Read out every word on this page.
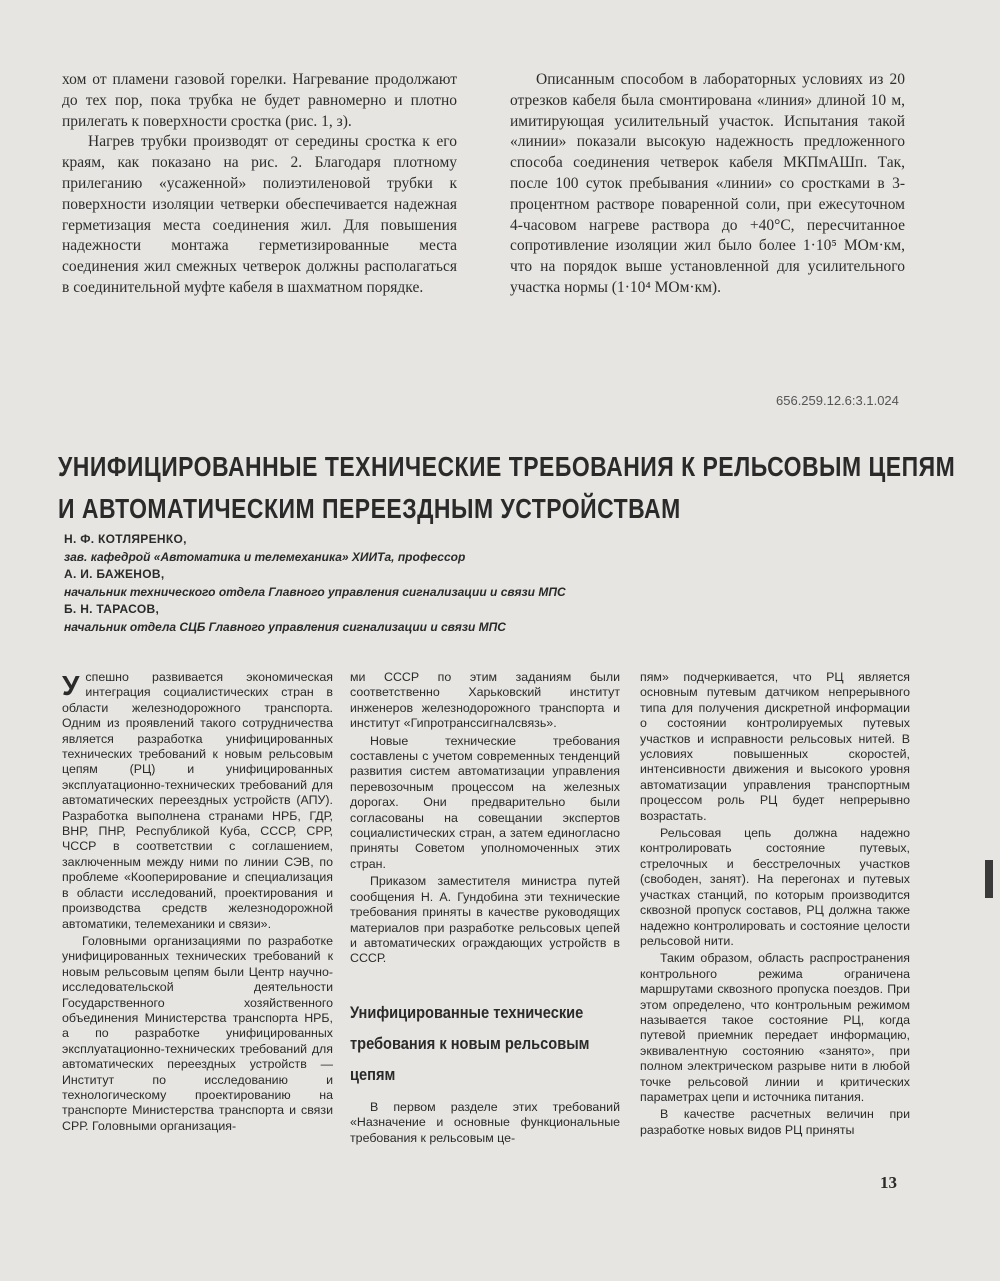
хом от пламени газовой горелки. Нагревание продолжают до тех пор, пока трубка не будет равномерно и плотно прилегать к поверхности сростка (рис. 1, з).

Нагрев трубки производят от середины сростка к его краям, как показано на рис. 2. Благодаря плотному прилеганию «усаженной» полиэтиленовой трубки к поверхности изоляции четверки обеспечивается надежная герметизация места соединения жил. Для повышения надежности монтажа герметизированные места соединения жил смежных четверок должны располагаться в соединительной муфте кабеля в шахматном порядке.

Описанным способом в лабораторных условиях из 20 отрезков кабеля была смонтирована «линия» длиной 10 м, имитирующая усилительный участок. Испытания такой «линии» показали высокую надежность предложенного способа соединения четверок кабеля МКПмАШп. Так, после 100 суток пребывания «линии» со сростками в 3-процентном растворе поваренной соли, при ежесуточном 4-часовом нагреве раствора до +40°С, пересчитанное сопротивление изоляции жил было более 1·10⁵ МОм·км, что на порядок выше установленной для усилительного участка нормы (1·10⁴ МОм·км).

656.259.12.6:3.1.024
УНИФИЦИРОВАННЫЕ ТЕХНИЧЕСКИЕ ТРЕБОВАНИЯ К РЕЛЬСОВЫМ ЦЕПЯМ
И АВТОМАТИЧЕСКИМ ПЕРЕЕЗДНЫМ УСТРОЙСТВАМ
Н. Ф. КОТЛЯРЕНКО,
зав. кафедрой «Автоматика и телемеханика» ХИИТа, профессор
А. И. БАЖЕНОВ,
начальник технического отдела Главного управления сигнализации и связи МПС
Б. Н. ТАРАСОВ,
начальник отдела СЦБ Главного управления сигнализации и связи МПС

Успешно развивается экономическая интеграция социалистических стран в области железнодорожного транспорта. Одним из проявлений такого сотрудничества является разработка унифицированных технических требований к новым рельсовым цепям (РЦ) и унифицированных эксплуатационно-технических требований для автоматических переездных устройств (АПУ). Разработка выполнена странами НРБ, ГДР, ВНР, ПНР, Республикой Куба, СССР, СРР, ЧССР в соответствии с соглашением, заключенным между ними по линии СЭВ, по проблеме «Кооперирование и специализация в области исследований, проектирования и производства средств железнодорожной автоматики, телемеханики и связи».

Головными организациями по разработке унифицированных технических требований к новым рельсовым цепям были Центр научно-исследовательской деятельности Государственного хозяйственного объединения Министерства транспорта НРБ, а по разработке унифицированных эксплуатационно-технических требований для автоматических переездных устройств — Институт по исследованию и технологическому проектированию на транспорте Министерства транспорта и связи СРР. Головными организация-

ми СССР по этим заданиям были соответственно Харьковский институт инженеров железнодорожного транспорта и институт «Гипротранссигналсвязь».

Новые технические требования составлены с учетом современных тенденций развития систем автоматизации управления перевозочным процессом на железных дорогах. Они предварительно были согласованы на совещании экспертов социалистических стран, а затем единогласно приняты Советом уполномоченных этих стран.

Приказом заместителя министра путей сообщения Н. А. Гундобина эти технические требования приняты в качестве руководящих материалов при разработке рельсовых цепей и автоматических ограждающих устройств в СССР.

Унифицированные технические
требования к новым рельсовым
цепям

В первом разделе этих требований «Назначение и основные функциональные требования к рельсовым це-

пям» подчеркивается, что РЦ является основным путевым датчиком непрерывного типа для получения дискретной информации о состоянии контролируемых путевых участков и исправности рельсовых нитей. В условиях повышенных скоростей, интенсивности движения и высокого уровня автоматизации управления транспортным процессом роль РЦ будет непрерывно возрастать.

Рельсовая цепь должна надежно контролировать состояние путевых, стрелочных и бесстрелочных участков (свободен, занят). На перегонах и путевых участках станций, по которым производится сквозной пропуск составов, РЦ должна также надежно контролировать и состояние целости рельсовой нити.

Таким образом, область распространения контрольного режима ограничена маршрутами сквозного пропуска поездов. При этом определено, что контрольным режимом называется такое состояние РЦ, когда путевой приемник передает информацию, эквивалентную состоянию «занято», при полном электрическом разрыве нити в любой точке рельсовой линии и критических параметрах цепи и источника питания.

В качестве расчетных величин при разработке новых видов РЦ приняты

13
